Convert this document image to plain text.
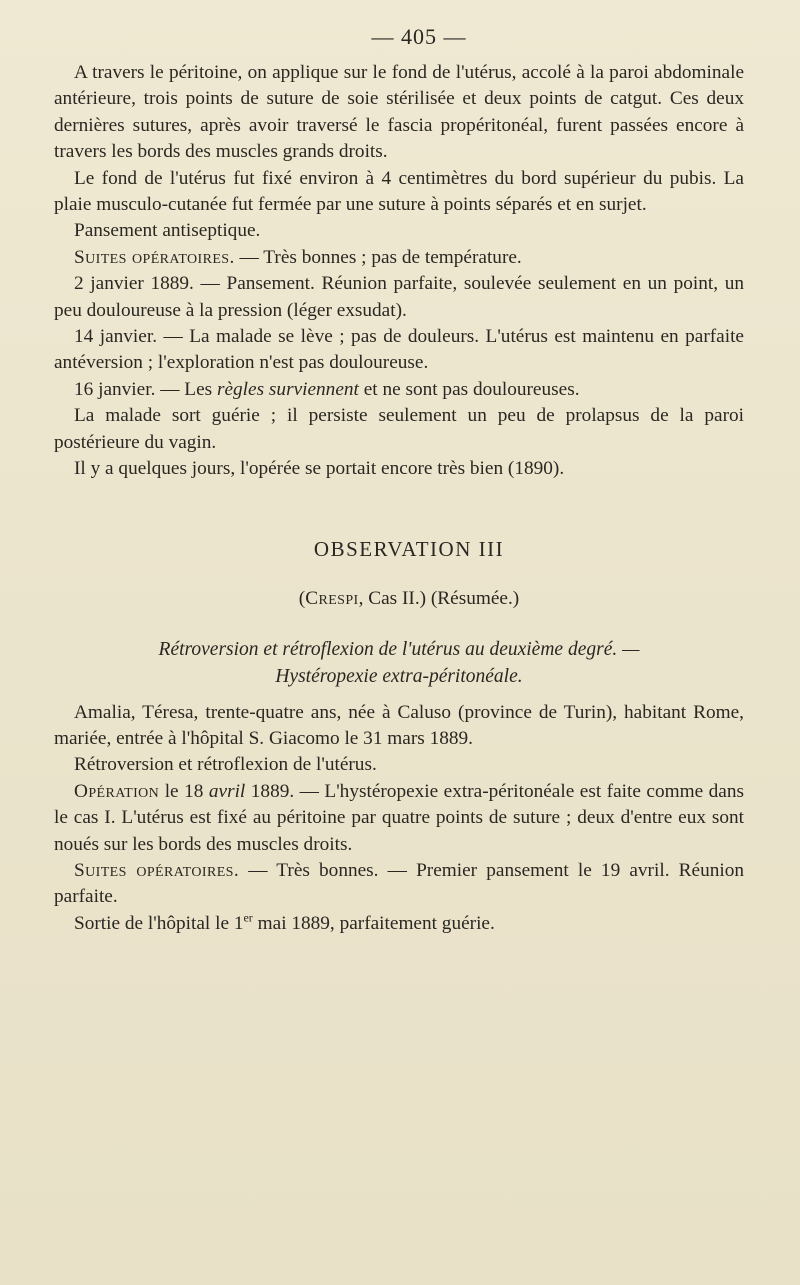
— 405 —

A travers le péritoine, on applique sur le fond de l'utérus, accolé à la paroi abdominale antérieure, trois points de suture de soie stérilisée et deux points de catgut. Ces deux dernières sutures, après avoir traversé le fascia propéritonéal, furent passées encore à travers les bords des muscles grands droits.

Le fond de l'utérus fut fixé environ à 4 centimètres du bord supérieur du pubis. La plaie musculo-cutanée fut fermée par une suture à points séparés et en surjet.

Pansement antiseptique.

Suites opératoires. — Très bonnes ; pas de température.

2 janvier 1889. — Pansement. Réunion parfaite, soulevée seulement en un point, un peu douloureuse à la pression (léger exsudat).

14 janvier. — La malade se lève ; pas de douleurs. L'utérus est maintenu en parfaite antéversion ; l'exploration n'est pas douloureuse.

16 janvier. — Les règles surviennent et ne sont pas douloureuses.

La malade sort guérie ; il persiste seulement un peu de prolapsus de la paroi postérieure du vagin.

Il y a quelques jours, l'opérée se portait encore très bien (1890).

OBSERVATION III
(Crespi, Cas II.) (Résumée.)
Rétroversion et rétroflexion de l'utérus au deuxième degré. —
Hystéropexie extra-péritonéale.

Amalia, Téresa, trente-quatre ans, née à Caluso (province de Turin), habitant Rome, mariée, entrée à l'hôpital S. Giacomo le 31 mars 1889.

Rétroversion et rétroflexion de l'utérus.

Opération le 18 avril 1889. — L'hystéropexie extra-péritonéale est faite comme dans le cas I. L'utérus est fixé au péritoine par quatre points de suture ; deux d'entre eux sont noués sur les bords des muscles droits.

Suites opératoires. — Très bonnes. — Premier pansement le 19 avril. Réunion parfaite.

Sortie de l'hôpital le 1er mai 1889, parfaitement guérie.
